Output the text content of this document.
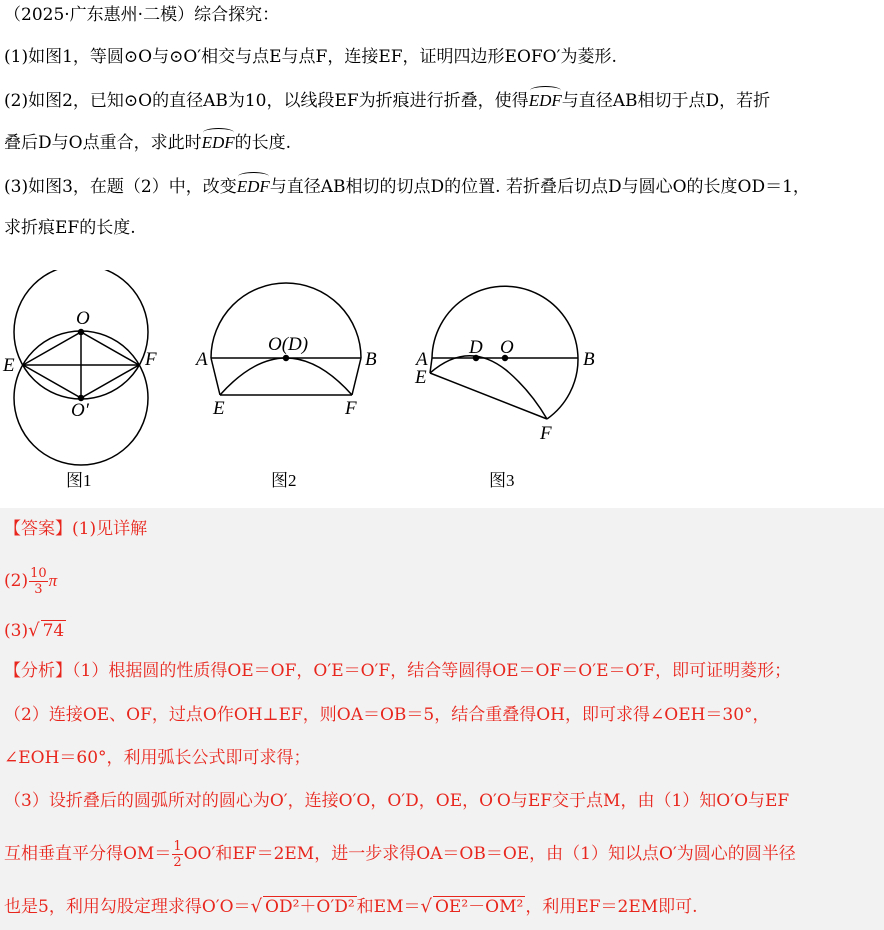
（2025·广东惠州·二模）综合探究：
(1)如图1，等圆⊙O与⊙O′相交与点E与点F，连接EF，证明四边形EOFO′为菱形.
(2)如图2，已知⊙O的直径AB为10，以线段EF为折痕进行折叠，使得EDF与直径AB相切于点D，若折
叠后D与O点重合，求此时EDF的长度.
(3)如图3，在题（2）中，改变EDF与直径AB相切的切点D的位置. 若折叠后切点D与圆心O的长度OD＝1，
求折痕EF的长度.
O
O′
E	F
图1
O(D)
A	B
E	F
图2
A
E
D O
B
F
图3
【答案】(1)见详解
$(2) \frac{10}{3}$ π
(3)√ 74
【分析】（1）根据圆的性质得OE＝OF，O′E＝O′F，结合等圆得OE＝OF＝O′E＝O′F，即可证明菱形；
（2）连接OE、OF，过点O作OH⊥EF，则OA＝OB＝5，结合重叠得OH，即可求得∠OEH＝30°，
∠EOH＝60°，利用弧长公式即可求得；
（3）设折叠后的圆弧所对的圆心为O′，连接O′O，O′D，OE，O′O与EF交于点M，由（1）知O′O与EF
互相垂直平分得$OM= \frac{1}{2} OO'$和EF＝2EM，进一步求得OA＝OB＝OE，由（1）知以点O′为圆心的圆半径
也是5，利用勾股定理求得O′O＝√ OD²＋O′D² 和EM＝√ OE²－OM² ，利用EF＝2EM即可.
